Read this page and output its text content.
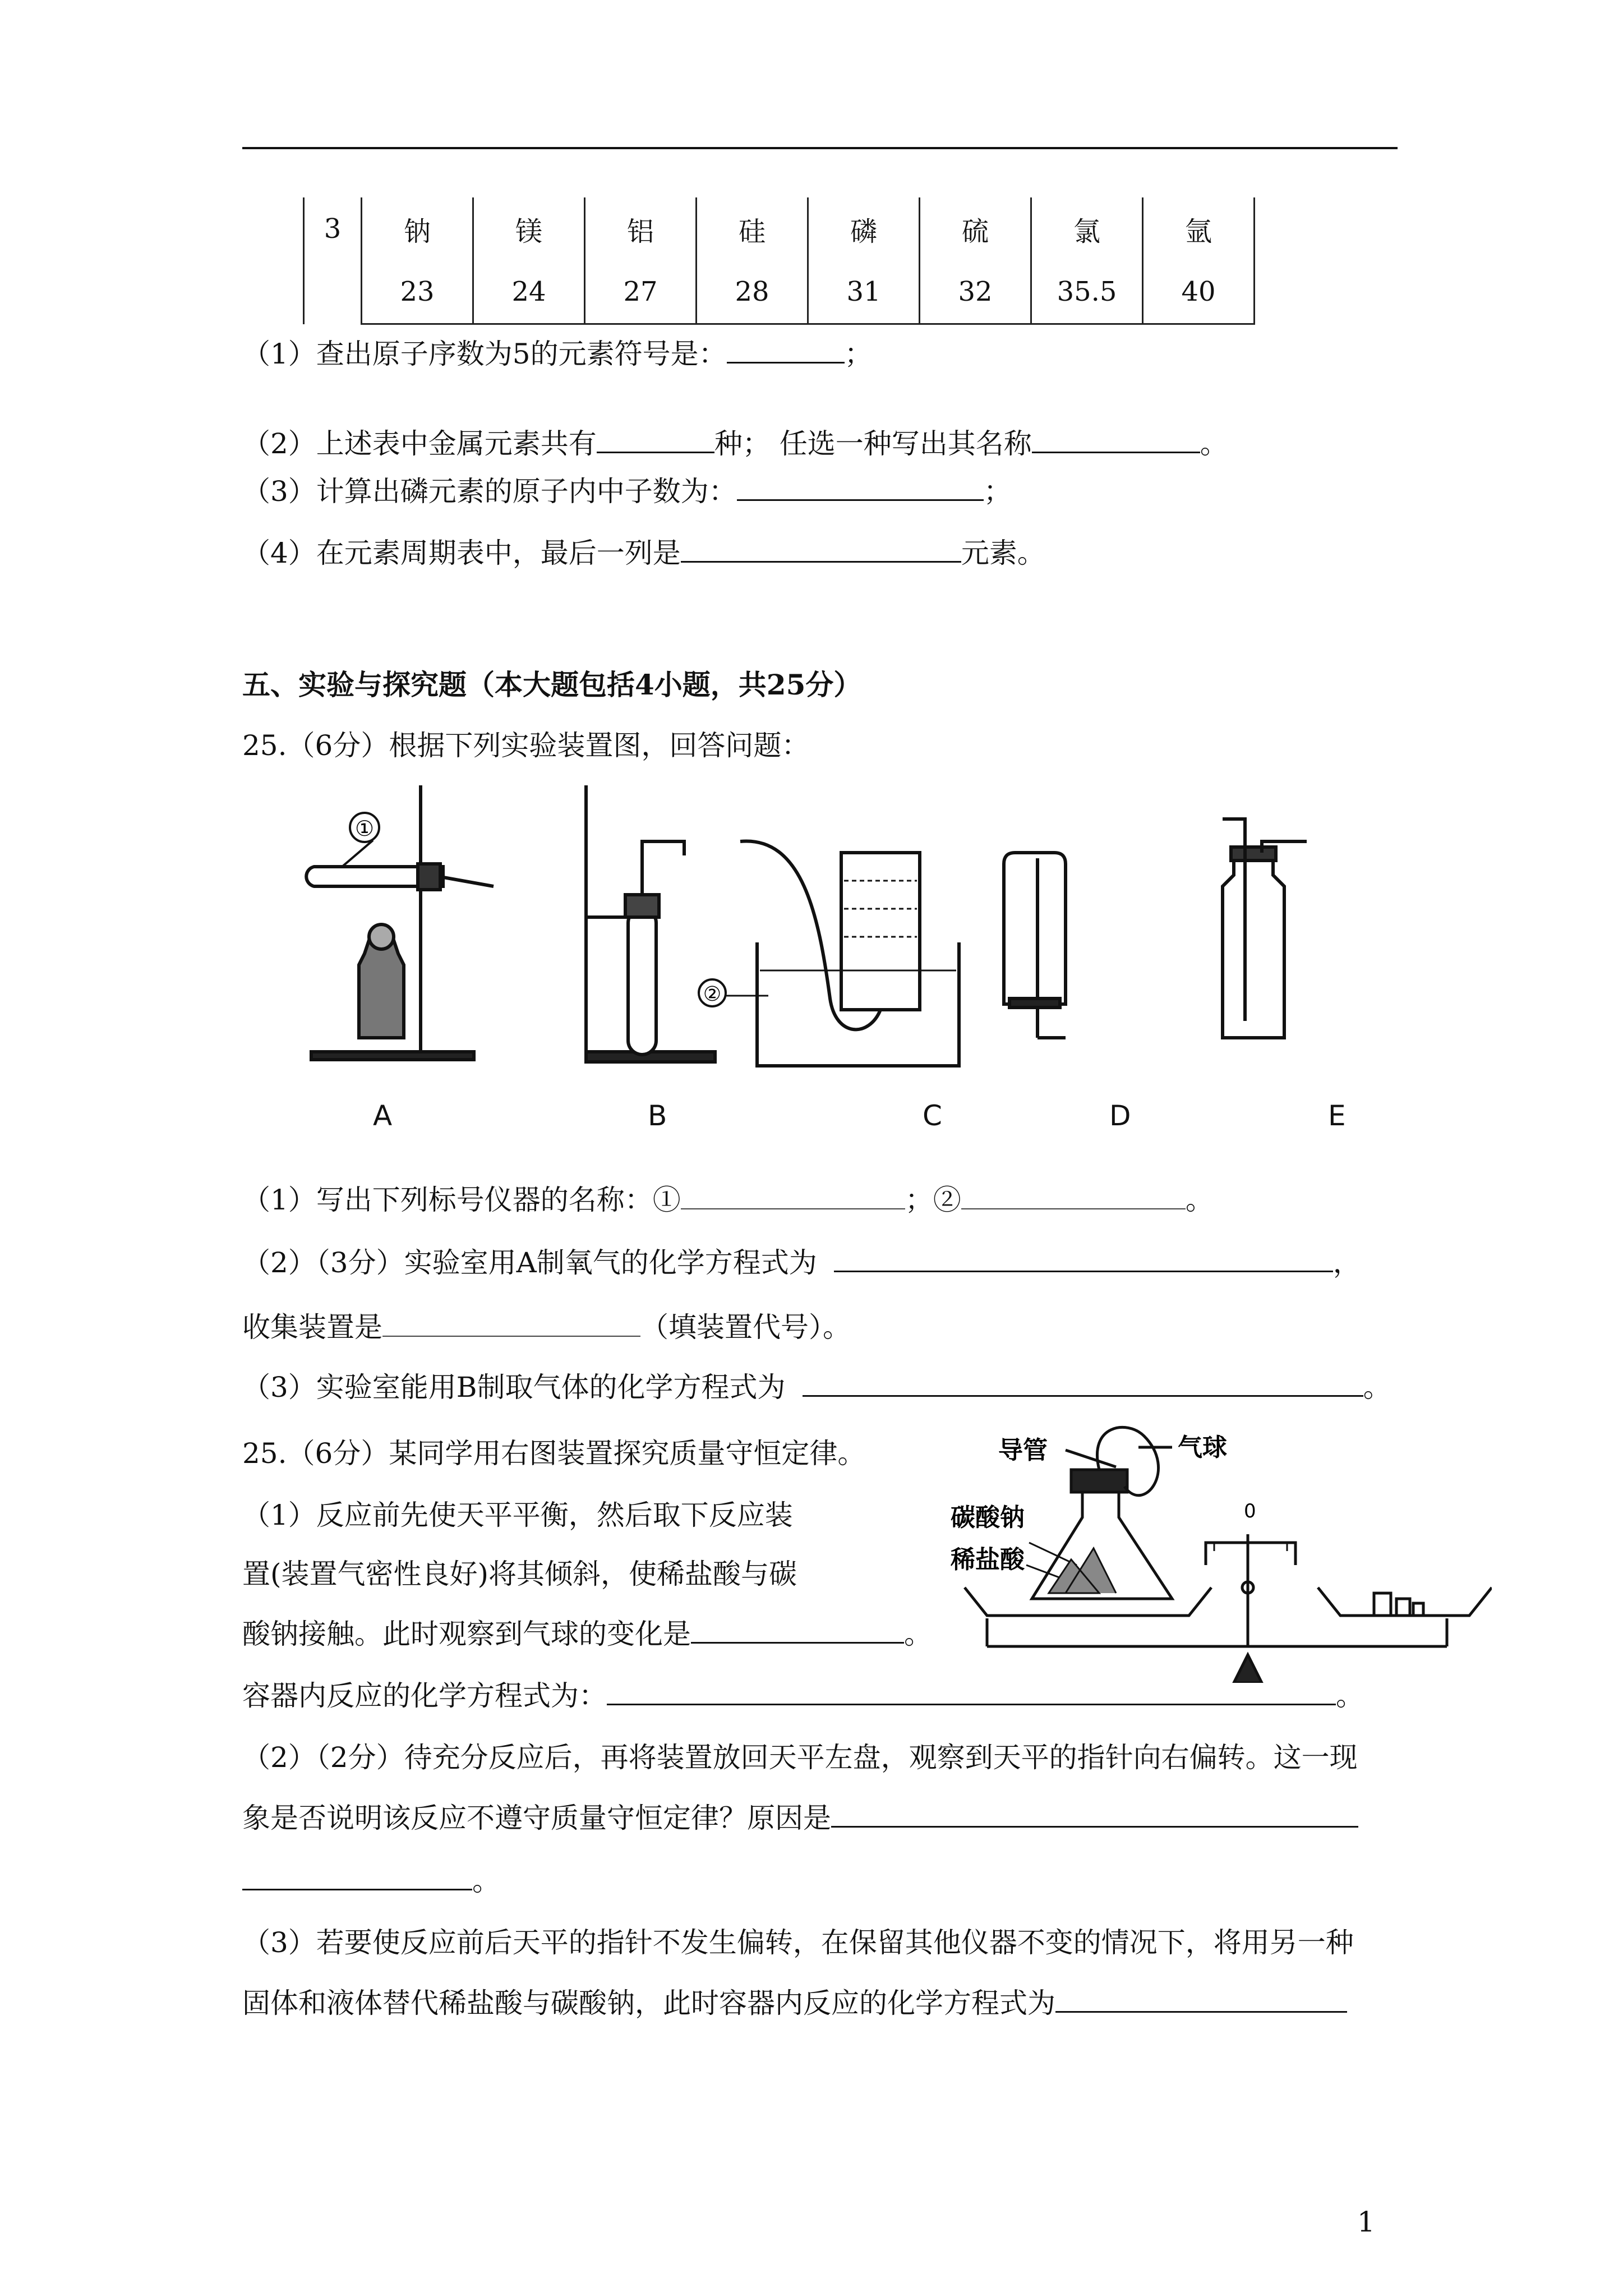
3	钠	镁	铝	硅	磷	硫	氯	氩
	23	24	27	28	31	32	35.5	40
（1）查出原子序数为5的元素符号是：	；
（2）上述表中金属元素共有	种； 任选一种写出其名称	。
（3）计算出磷元素的原子内中子数为：	；
（4）在元素周期表中，最后一列是	元素。
五、实验与探究题（本大题包括4小题，共25分）
25.（6分）根据下列实验装置图，回答问题：
①
②
A	B	C	D	E
（1）写出下列标号仪器的名称：①	；②	。
（2）（3分）实验室用A制氧气的化学方程式为	，
收集装置是	（填装置代号）。
（3）实验室能用B制取气体的化学方程式为	。
25.（6分）某同学用右图装置探究质量守恒定律。
（1）反应前先使天平平衡，然后取下反应装
置(装置气密性良好)将其倾斜，使稀盐酸与碳
酸钠接触。此时观察到气球的变化是	。
容器内反应的化学方程式为：	。
（2）（2分）待充分反应后，再将装置放回天平左盘，观察到天平的指针向右偏转。这一现
象是否说明该反应不遵守质量守恒定律？原因是
。
（3）若要使反应前后天平的指针不发生偏转，在保留其他仪器不变的情况下，将用另一种
固体和液体替代稀盐酸与碳酸钠，此时容器内反应的化学方程式为
导管	气球
碳酸钠
稀盐酸
0
1
